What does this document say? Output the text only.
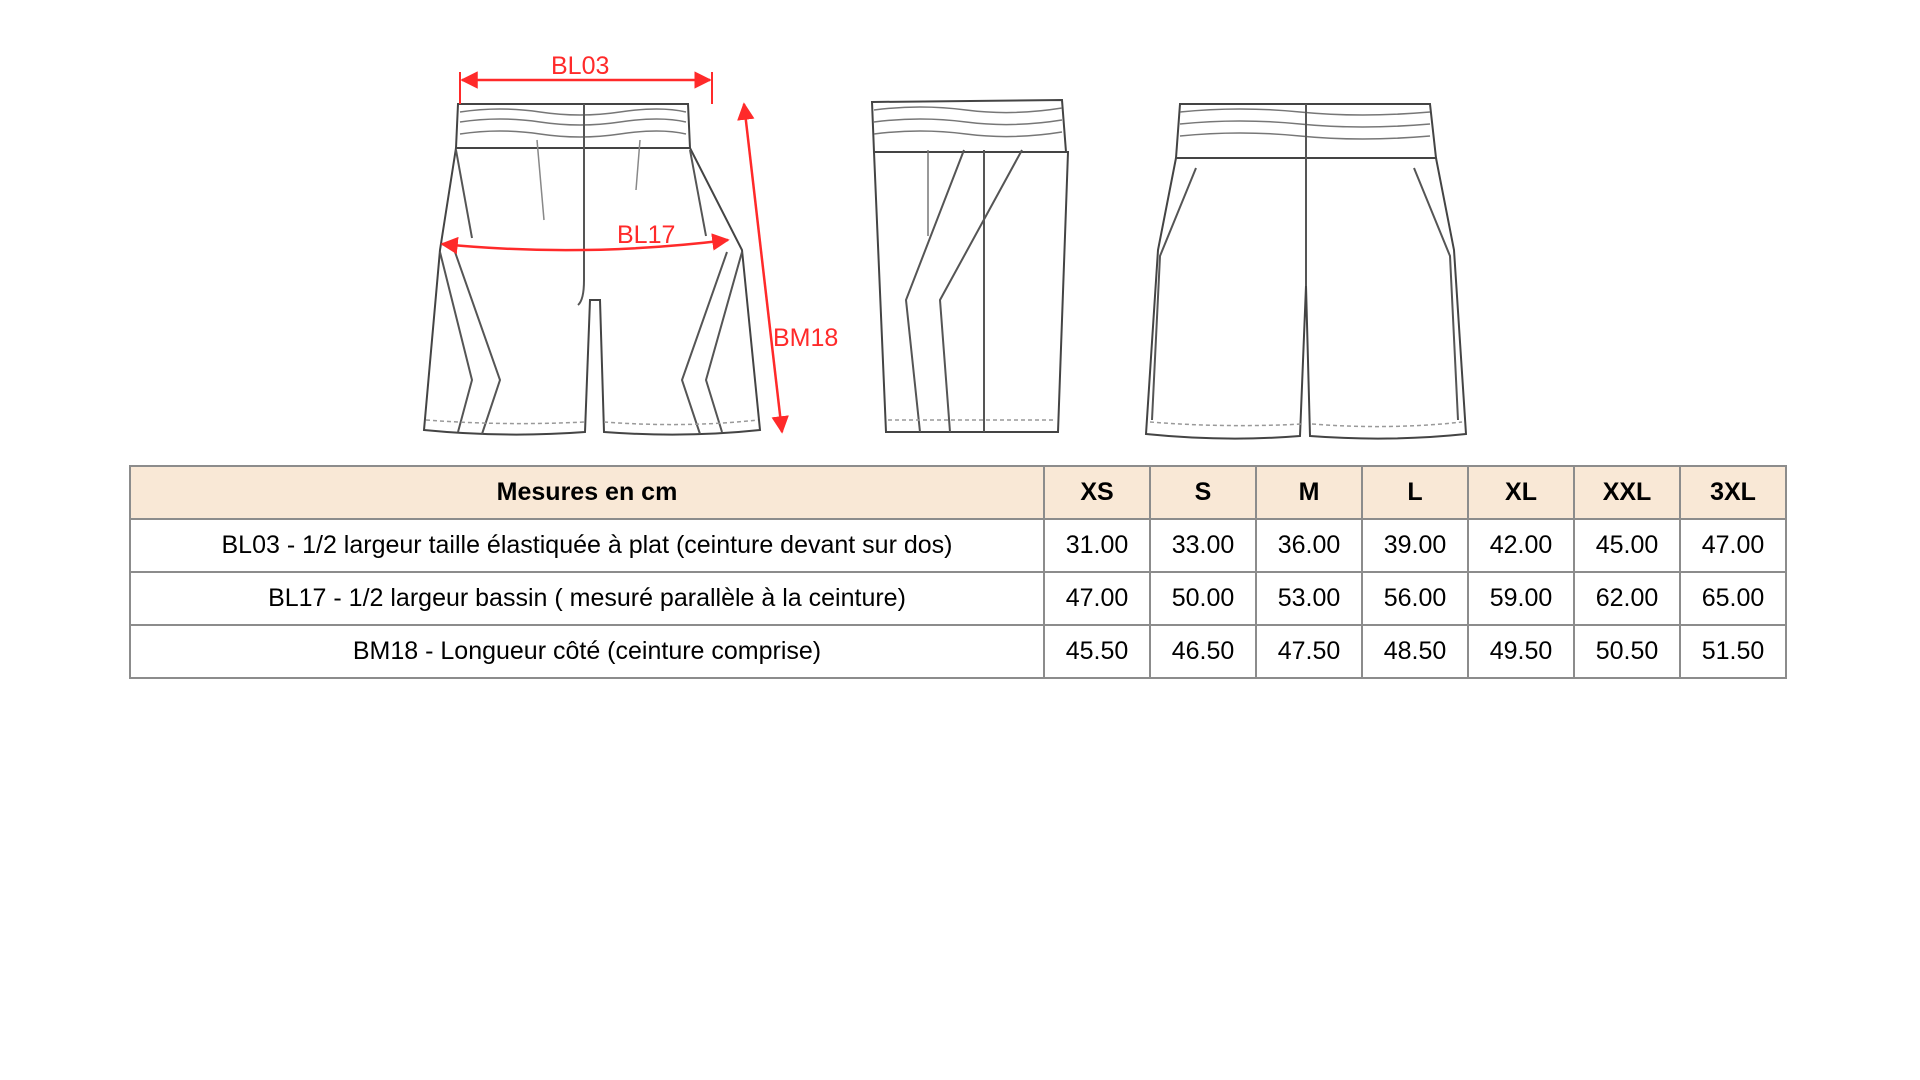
BL03
BL17
BM18
Mesures en cm	XS	S	M	L	XL	XXL	3XL
BL03 - 1/2 largeur taille élastiquée à plat (ceinture devant sur dos)	31.00	33.00	36.00	39.00	42.00	45.00	47.00
BL17 - 1/2 largeur bassin ( mesuré parallèle à la ceinture)	47.00	50.00	53.00	56.00	59.00	62.00	65.00
BM18 - Longueur côté (ceinture comprise)	45.50	46.50	47.50	48.50	49.50	50.50	51.50
